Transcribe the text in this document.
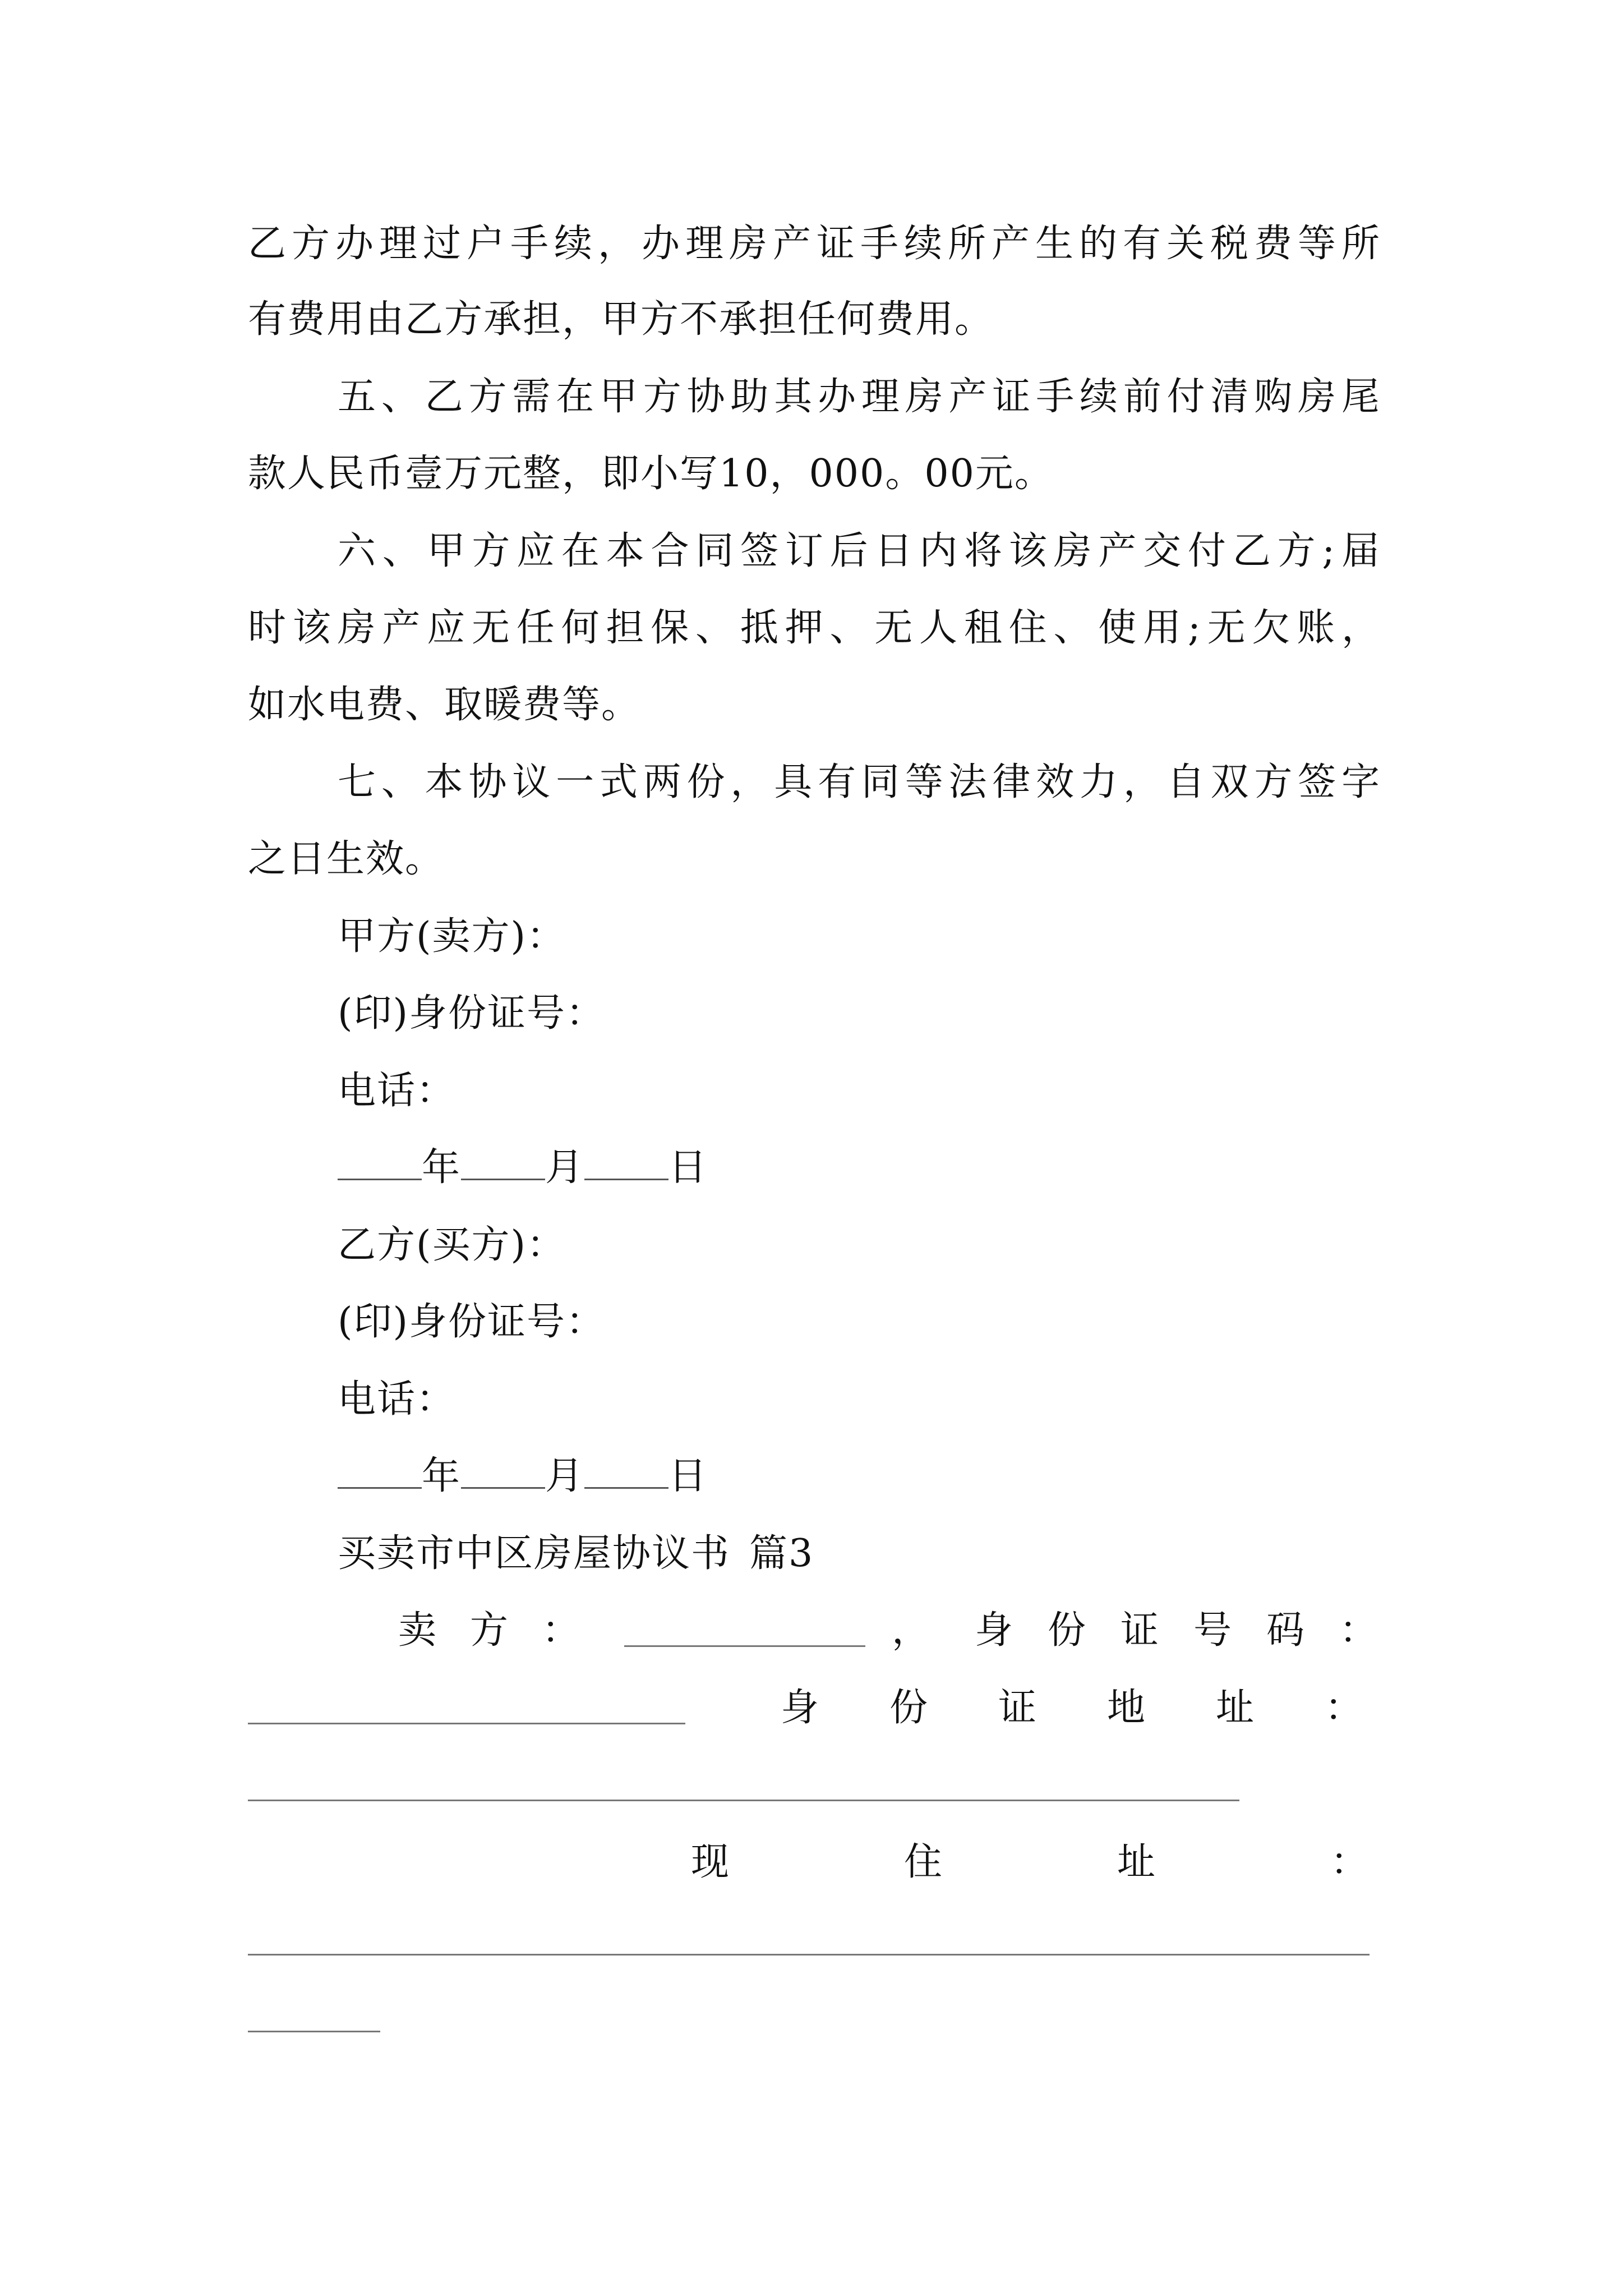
乙方办理过户手续，办理房产证手续所产生的有关税费等所
有费用由乙方承担，甲方不承担任何费用。
五、乙方需在甲方协助其办理房产证手续前付清购房尾
款人民币壹万元整，即小写10，000。00元。
六、甲方应在本合同签订后日内将该房产交付乙方;届
时该房产应无任何担保、抵押、无人租住、使用;无欠账，
如水电费、取暖费等。
七、本协议一式两份，具有同等法律效力，自双方签字
之日生效。
甲方(卖方)：
(印)身份证号：
电话：
年 月 日
乙方(买方)：
(印)身份证号：
电话：
年 月 日
买卖市中区房屋协议书 篇3
卖方：	， 身份证号码：
身份证地址：
现住址：
